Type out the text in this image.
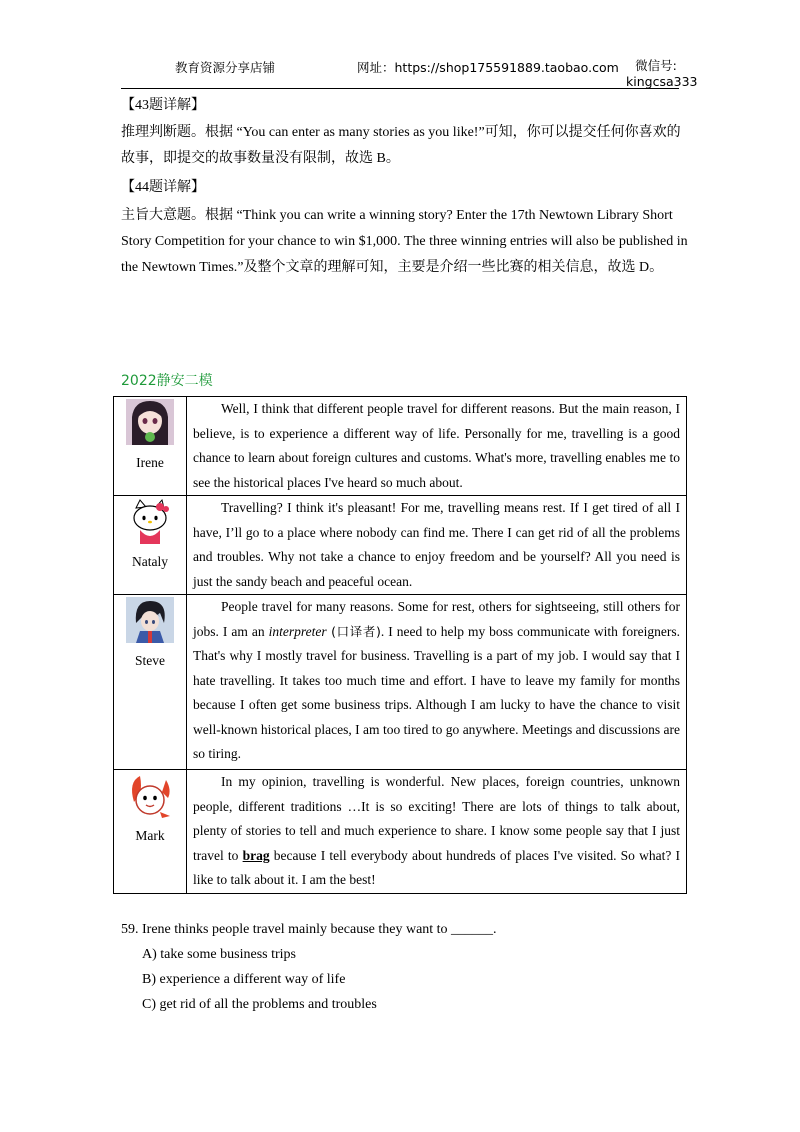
教育资源分享店铺	网址：https://shop175591889.taobao.com	微信号: kingcsa333
【43题详解】
推理判断题。根据 “You can enter as many stories as you like!”可知，你可以提交任何你喜欢的故事，即提交的故事数量没有限制，故选 B。
【44题详解】
主旨大意题。根据 “Think you can write a winning story? Enter the 17th Newtown Library Short Story Competition for your chance to win $1,000. The three winning entries will also be published in the Newtown Times.”及整个文章的理解可知，主要是介绍一些比赛的相关信息，故选 D。
2022静安二模
Irene	Well, I think that different people travel for different reasons. But the main reason, I believe, is to experience a different way of life. Personally for me, travelling is a good chance to learn about foreign cultures and customs. What's more, travelling enables me to see the historical places I've heard so much about.

Nataly	Travelling? I think it's pleasant! For me, travelling means rest. If I get tired of all I have, I’ll go to a place where nobody can find me. There I can get rid of all the problems and troubles. Why not take a chance to enjoy freedom and be yourself? All you need is just the sandy beach and peaceful ocean.

Steve	People travel for many reasons. Some for rest, others for sightseeing, still others for jobs. I am an interpreter (口译者). I need to help my boss communicate with foreigners. That's why I mostly travel for business. Travelling is a part of my job. I would say that I hate travelling. It takes too much time and effort. I have to leave my family for months because I often get some business trips. Although I am lucky to have the chance to visit well-known historical places, I am too tired to go anywhere. Meetings and discussions are so tiring.

Mark	In my opinion, travelling is wonderful. New places, foreign countries, unknown people, different traditions …It is so exciting! There are lots of things to talk about, plenty of stories to tell and much experience to share. I know some people say that I just travel to brag because I tell everybody about hundreds of places I've visited. So what? I like to talk about it. I am the best!

59. Irene thinks people travel mainly because they want to ______.

A) take some business trips

B) experience a different way of life

C) get rid of all the problems and troubles
